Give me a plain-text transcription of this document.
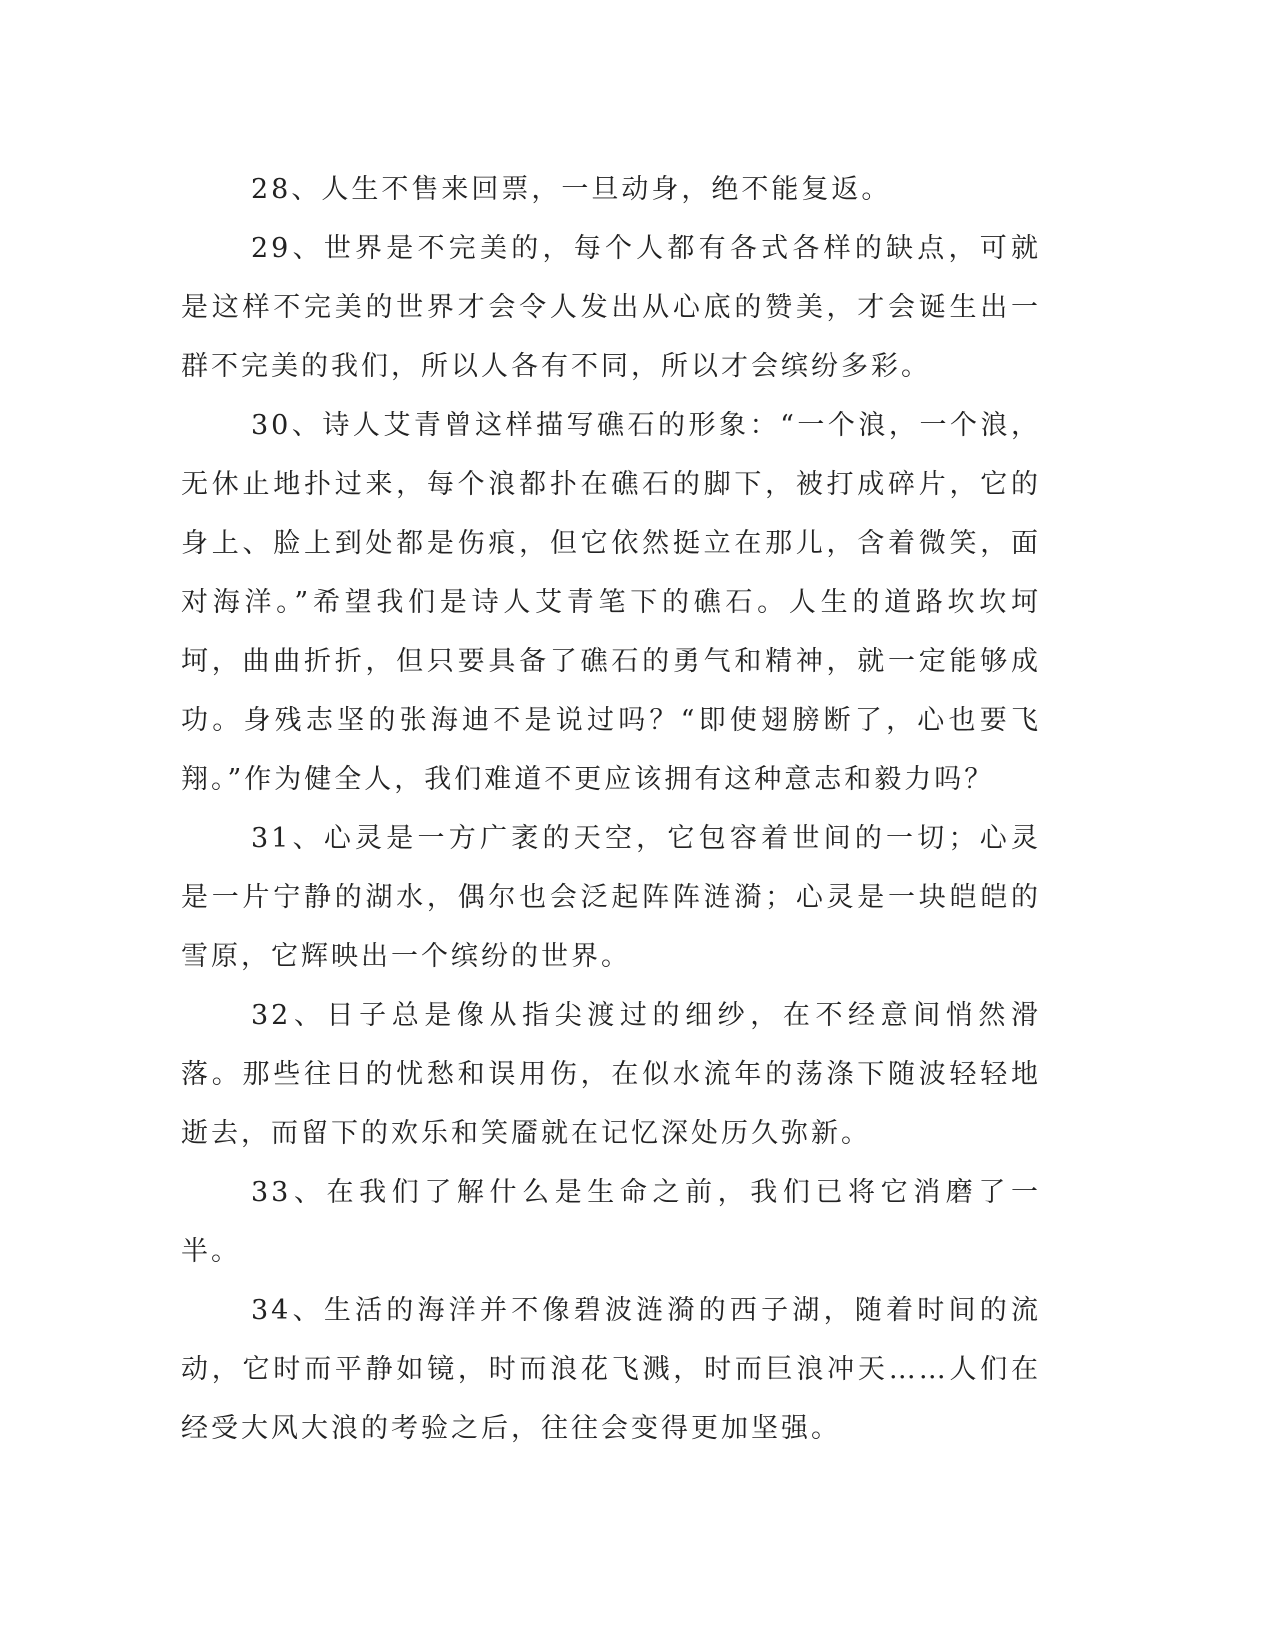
28、人生不售来回票，一旦动身，绝不能复返。

29、世界是不完美的，每个人都有各式各样的缺点，可就是这样不完美的世界才会令人发出从心底的赞美，才会诞生出一群不完美的我们，所以人各有不同，所以才会缤纷多彩。

30、诗人艾青曾这样描写礁石的形象：“一个浪，一个浪，无休止地扑过来，每个浪都扑在礁石的脚下，被打成碎片，它的身上、脸上到处都是伤痕，但它依然挺立在那儿，含着微笑，面对海洋。”希望我们是诗人艾青笔下的礁石。人生的道路坎坎坷坷，曲曲折折，但只要具备了礁石的勇气和精神，就一定能够成功。身残志坚的张海迪不是说过吗？“即使翅膀断了，心也要飞翔。”作为健全人，我们难道不更应该拥有这种意志和毅力吗？

31、心灵是一方广袤的天空，它包容着世间的一切；心灵是一片宁静的湖水，偶尔也会泛起阵阵涟漪；心灵是一块皑皑的雪原，它辉映出一个缤纷的世界。

32、日子总是像从指尖渡过的细纱，在不经意间悄然滑落。那些往日的忧愁和误用伤，在似水流年的荡涤下随波轻轻地逝去，而留下的欢乐和笑靥就在记忆深处历久弥新。

33、在我们了解什么是生命之前，我们已将它消磨了一半。

34、生活的海洋并不像碧波涟漪的西子湖，随着时间的流动，它时而平静如镜，时而浪花飞溅，时而巨浪冲天……人们在经受大风大浪的考验之后，往往会变得更加坚强。
